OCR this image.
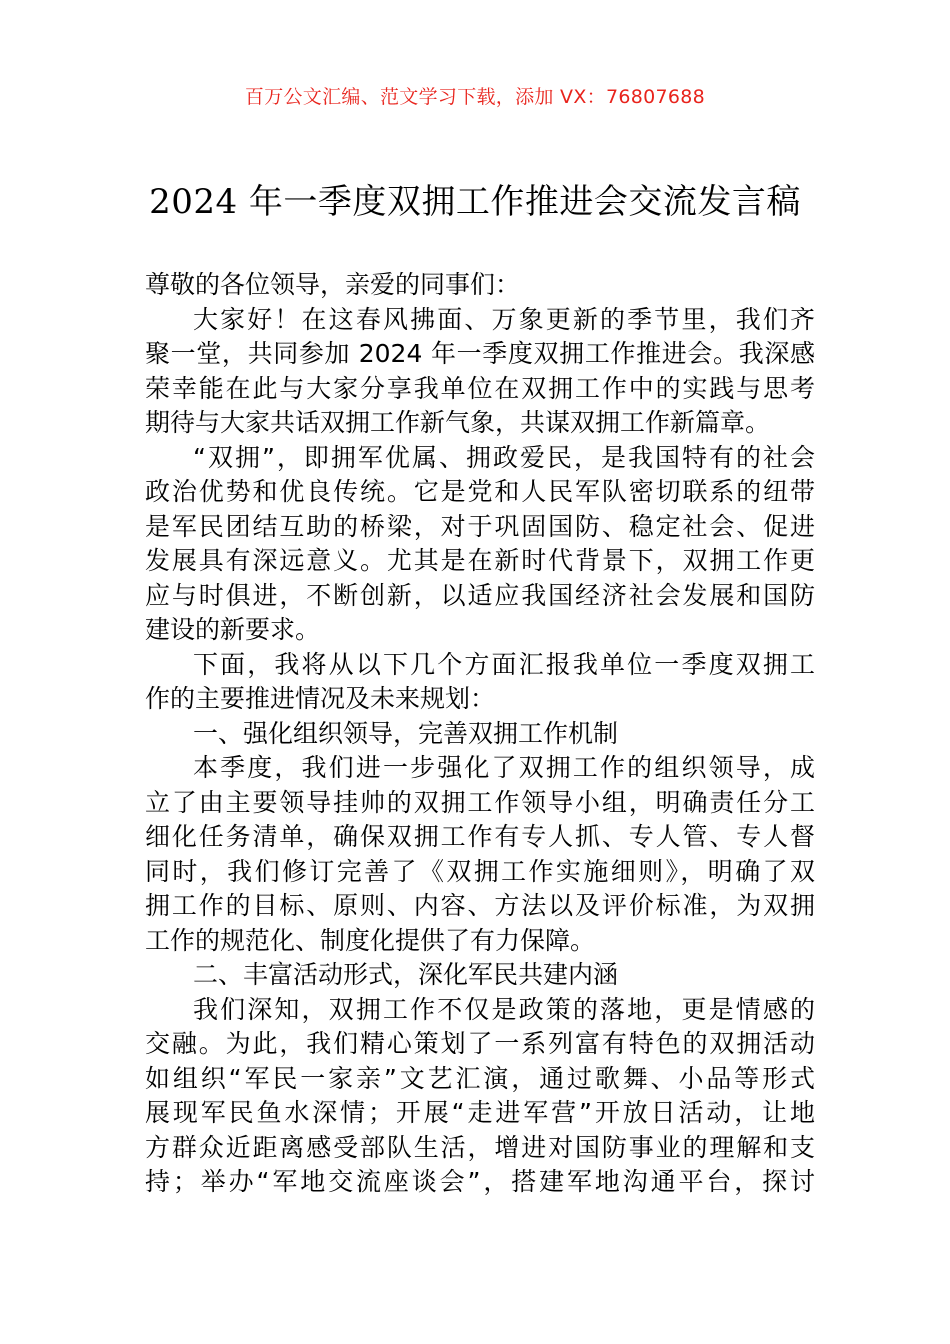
百万公文汇编、范文学习下载，添加 VX：76807688
2024 年一季度双拥工作推进会交流发言稿
尊敬的各位领导，亲爱的同事们：
大家好！在这春风拂面、万象更新的季节里，我们齐
聚一堂，共同参加 2024 年一季度双拥工作推进会。我深感
荣幸能在此与大家分享我单位在双拥工作中的实践与思考
期待与大家共话双拥工作新气象，共谋双拥工作新篇章。
“双拥”，即拥军优属、拥政爱民，是我国特有的社会
政治优势和优良传统。它是党和人民军队密切联系的纽带
是军民团结互助的桥梁，对于巩固国防、稳定社会、促进
发展具有深远意义。尤其是在新时代背景下，双拥工作更
应与时俱进，不断创新，以适应我国经济社会发展和国防
建设的新要求。
下面，我将从以下几个方面汇报我单位一季度双拥工
作的主要推进情况及未来规划：
一、强化组织领导，完善双拥工作机制
本季度，我们进一步强化了双拥工作的组织领导，成
立了由主要领导挂帅的双拥工作领导小组，明确责任分工
细化任务清单，确保双拥工作有专人抓、专人管、专人督
同时，我们修订完善了《双拥工作实施细则》，明确了双
拥工作的目标、原则、内容、方法以及评价标准，为双拥
工作的规范化、制度化提供了有力保障。
二、丰富活动形式，深化军民共建内涵
我们深知，双拥工作不仅是政策的落地，更是情感的
交融。为此，我们精心策划了一系列富有特色的双拥活动
如组织“军民一家亲”文艺汇演，通过歌舞、小品等形式
展现军民鱼水深情；开展“走进军营”开放日活动，让地
方群众近距离感受部队生活，增进对国防事业的理解和支
持；举办“军地交流座谈会”，搭建军地沟通平台，探讨
